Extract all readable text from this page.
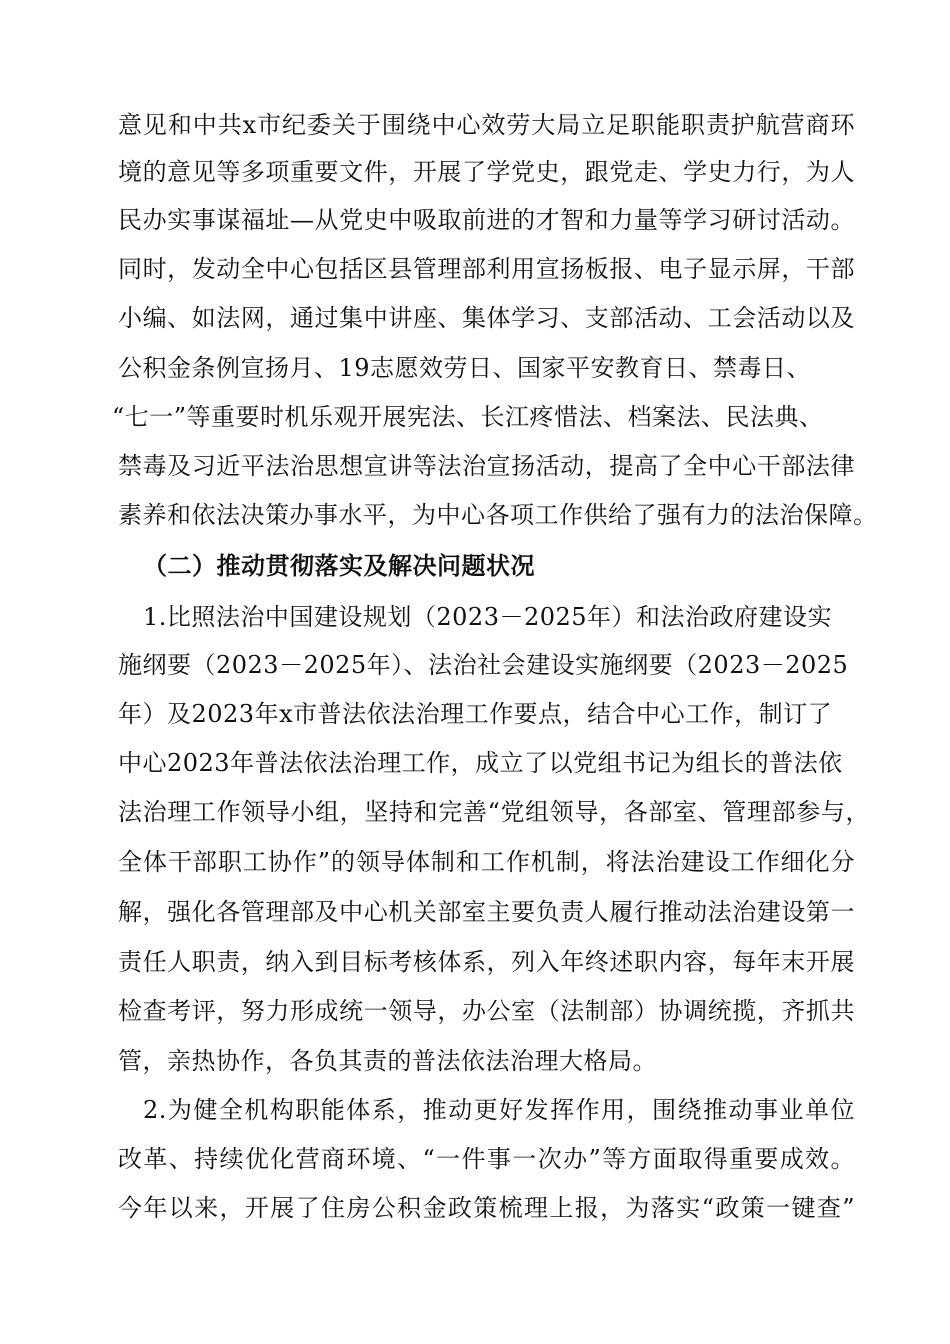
意见和中共x市纪委关于围绕中心效劳大局立足职能职责护航营商环
境的意见等多项重要文件，开展了学党史，跟党走、学史力行，为人
民办实事谋福址—从党史中吸取前进的才智和力量等学习研讨活动。
同时，发动全中心包括区县管理部利用宣扬板报、电子显示屏，干部
小编、如法网，通过集中讲座、集体学习、支部活动、工会活动以及
公积金条例宣扬月、19志愿效劳日、国家平安教育日、禁毒日、
“七一”等重要时机乐观开展宪法、长江疼惜法、档案法、民法典、
禁毒及习近平法治思想宣讲等法治宣扬活动，提高了全中心干部法律
素养和依法决策办事水平，为中心各项工作供给了强有力的法治保障。
（二）推动贯彻落实及解决问题状况
1.比照法治中国建设规划（2023－2025年）和法治政府建设实
施纲要（2023－2025年）、法治社会建设实施纲要（2023－2025
年）及2023年x市普法依法治理工作要点，结合中心工作，制订了
中心2023年普法依法治理工作，成立了以党组书记为组长的普法依
法治理工作领导小组，坚持和完善“党组领导，各部室、管理部参与，
全体干部职工协作”的领导体制和工作机制，将法治建设工作细化分
解，强化各管理部及中心机关部室主要负责人履行推动法治建设第一
责任人职责，纳入到目标考核体系，列入年终述职内容，每年末开展
检查考评，努力形成统一领导，办公室（法制部）协调统揽，齐抓共
管，亲热协作，各负其责的普法依法治理大格局。
2.为健全机构职能体系，推动更好发挥作用，围绕推动事业单位
改革、持续优化营商环境、“一件事一次办”等方面取得重要成效。
今年以来，开展了住房公积金政策梳理上报，为落实“政策一键查”
